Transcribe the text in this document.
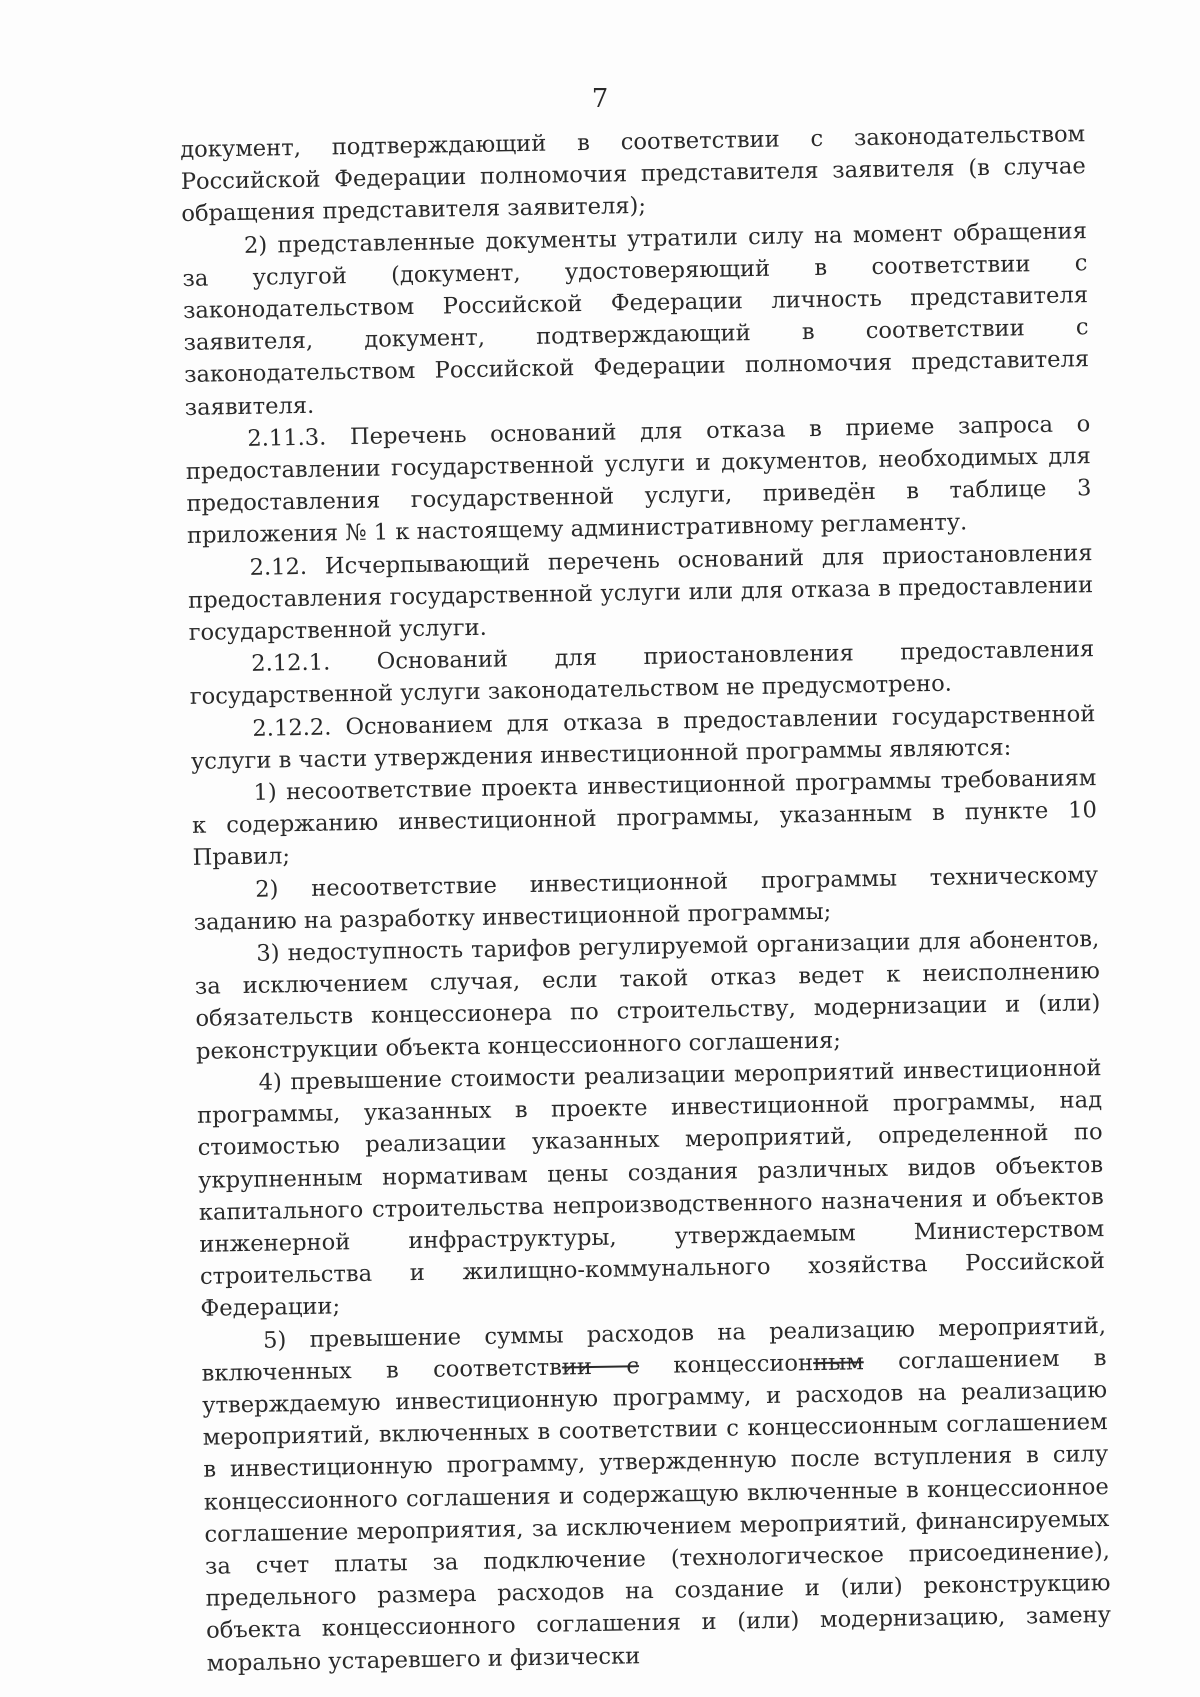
7

документ, подтверждающий в соответствии с законодательством Российской Федерации полномочия представителя заявителя (в случае обращения представителя заявителя);

2) представленные документы утратили силу на момент обращения за услугой (документ, удостоверяющий в соответствии с законодательством Российской Федерации личность представителя заявителя, документ, подтверждающий в соответствии с законодательством Российской Федерации полномочия представителя заявителя.

2.11.3. Перечень оснований для отказа в приеме запроса о предоставлении государственной услуги и документов, необходимых для предоставления государственной услуги, приведён в таблице 3 приложения № 1 к настоящему административному регламенту.

2.12. Исчерпывающий перечень оснований для приостановления предоставления государственной услуги или для отказа в предоставлении государственной услуги.

2.12.1. Оснований для приостановления предоставления государственной услуги законодательством не предусмотрено.

2.12.2. Основанием для отказа в предоставлении государственной услуги в части утверждения инвестиционной программы являются:

1) несоответствие проекта инвестиционной программы требованиям к содержанию инвестиционной программы, указанным в пункте 10 Правил;

2) несоответствие инвестиционной программы техническому заданию на разработку инвестиционной программы;

3) недоступность тарифов регулируемой организации для абонентов, за исключением случая, если такой отказ ведет к неисполнению обязательств концессионера по строительству, модернизации и (или) реконструкции объекта концессионного соглашения;

4) превышение стоимости реализации мероприятий инвестиционной программы, указанных в проекте инвестиционной программы, над стоимостью реализации указанных мероприятий, определенной по укрупненным нормативам цены создания различных видов объектов капитального строительства непроизводственного назначения и объектов инженерной инфраструктуры, утверждаемым Министерством строительства и жилищно-коммунального хозяйства Российской Федерации;

5) превышение суммы расходов на реализацию мероприятий, включенных в соответствии с концессионным соглашением в утверждаемую инвестиционную программу, и расходов на реализацию мероприятий, включенных в соответствии с концессионным соглашением в инвестиционную программу, утвержденную после вступления в силу концессионного соглашения и содержащую включенные в концессионное соглашение мероприятия, за исключением мероприятий, финансируемых за счет платы за подключение (технологическое присоединение), предельного размера расходов на создание и (или) реконструкцию объекта концессионного соглашения и (или) модернизацию, замену морально устаревшего и физически
